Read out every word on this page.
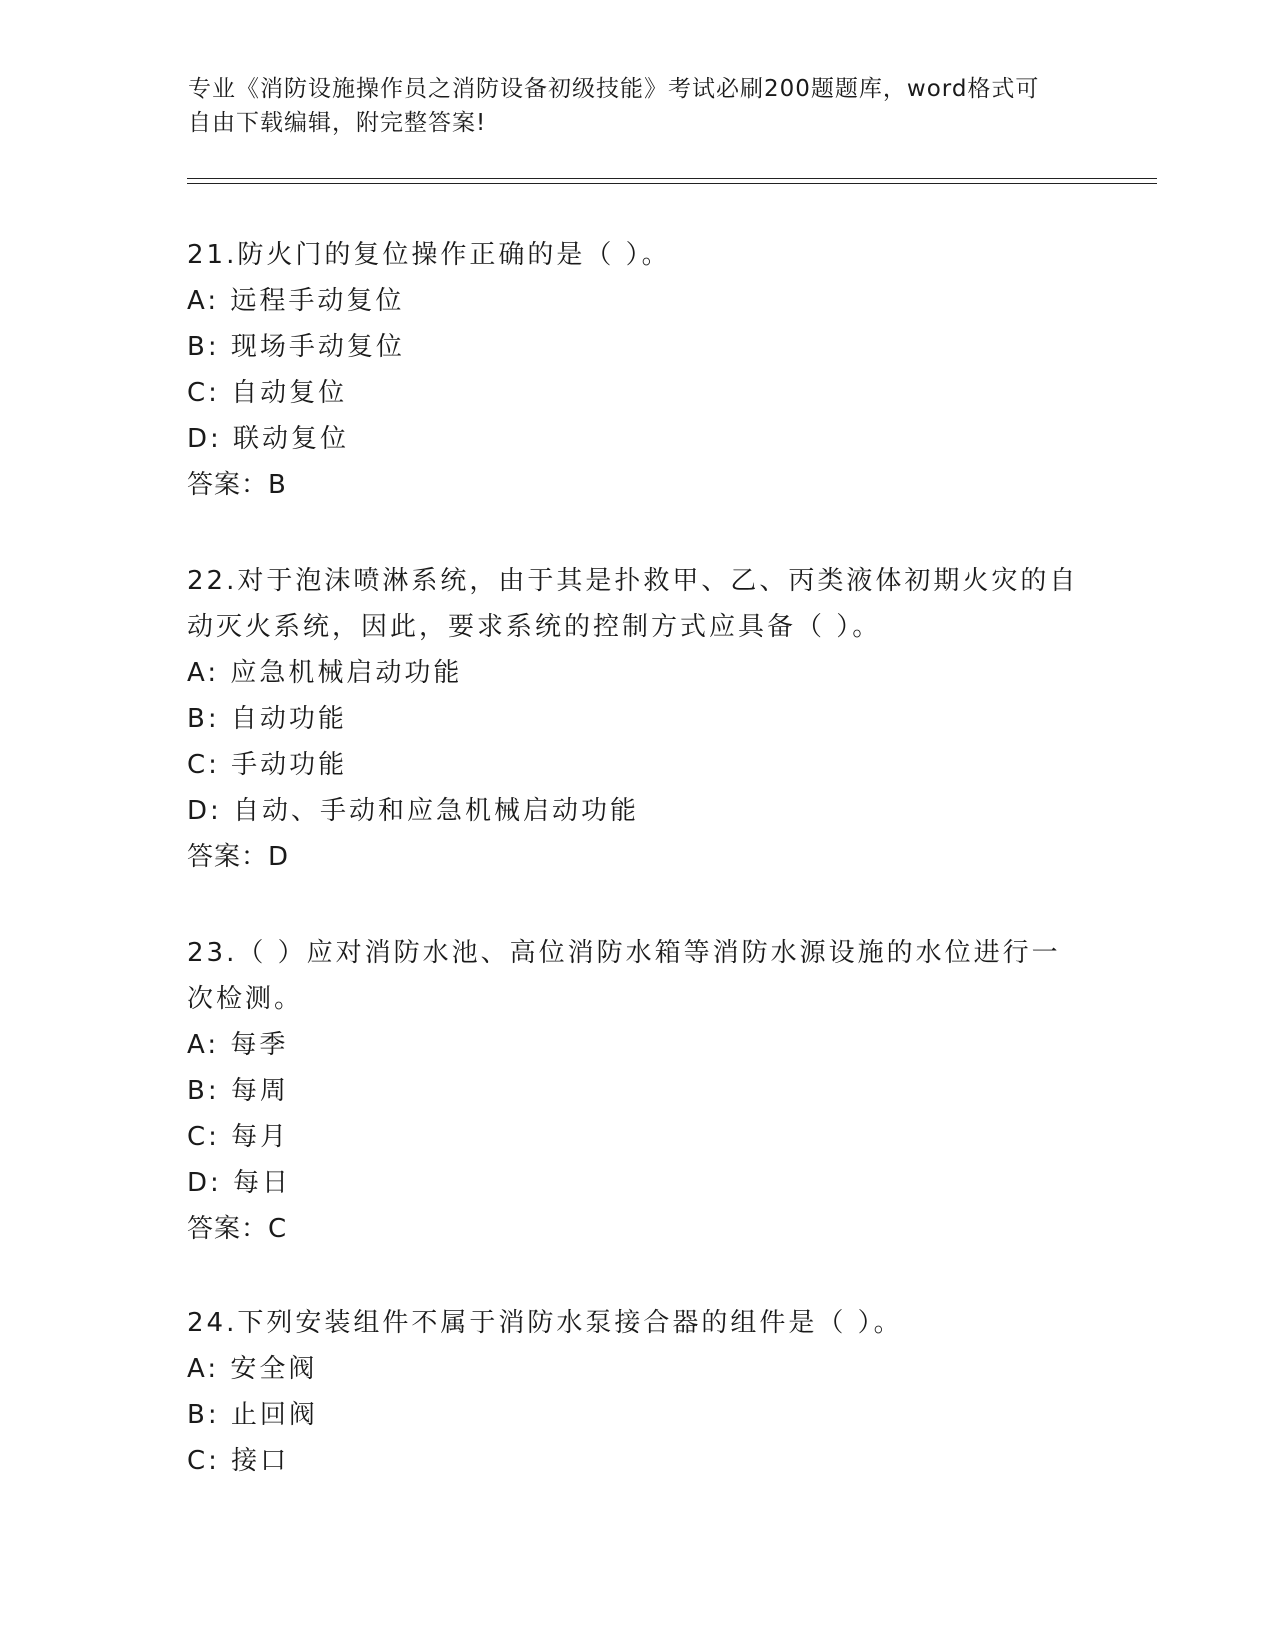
专业《消防设施操作员之消防设备初级技能》考试必刷200题题库，word格式可
自由下载编辑，附完整答案!
21.防火门的复位操作正确的是（ ）。
A: 远程手动复位
B: 现场手动复位
C: 自动复位
D: 联动复位
答案：B
22.对于泡沫喷淋系统，由于其是扑救甲、乙、丙类液体初期火灾的自
动灭火系统，因此，要求系统的控制方式应具备（ ）。
A: 应急机械启动功能
B: 自动功能
C: 手动功能
D: 自动、手动和应急机械启动功能
答案：D
23.（ ）应对消防水池、高位消防水箱等消防水源设施的水位进行一
次检测。
A: 每季
B: 每周
C: 每月
D: 每日
答案：C
24.下列安装组件不属于消防水泵接合器的组件是（ ）。
A: 安全阀
B: 止回阀
C: 接口
